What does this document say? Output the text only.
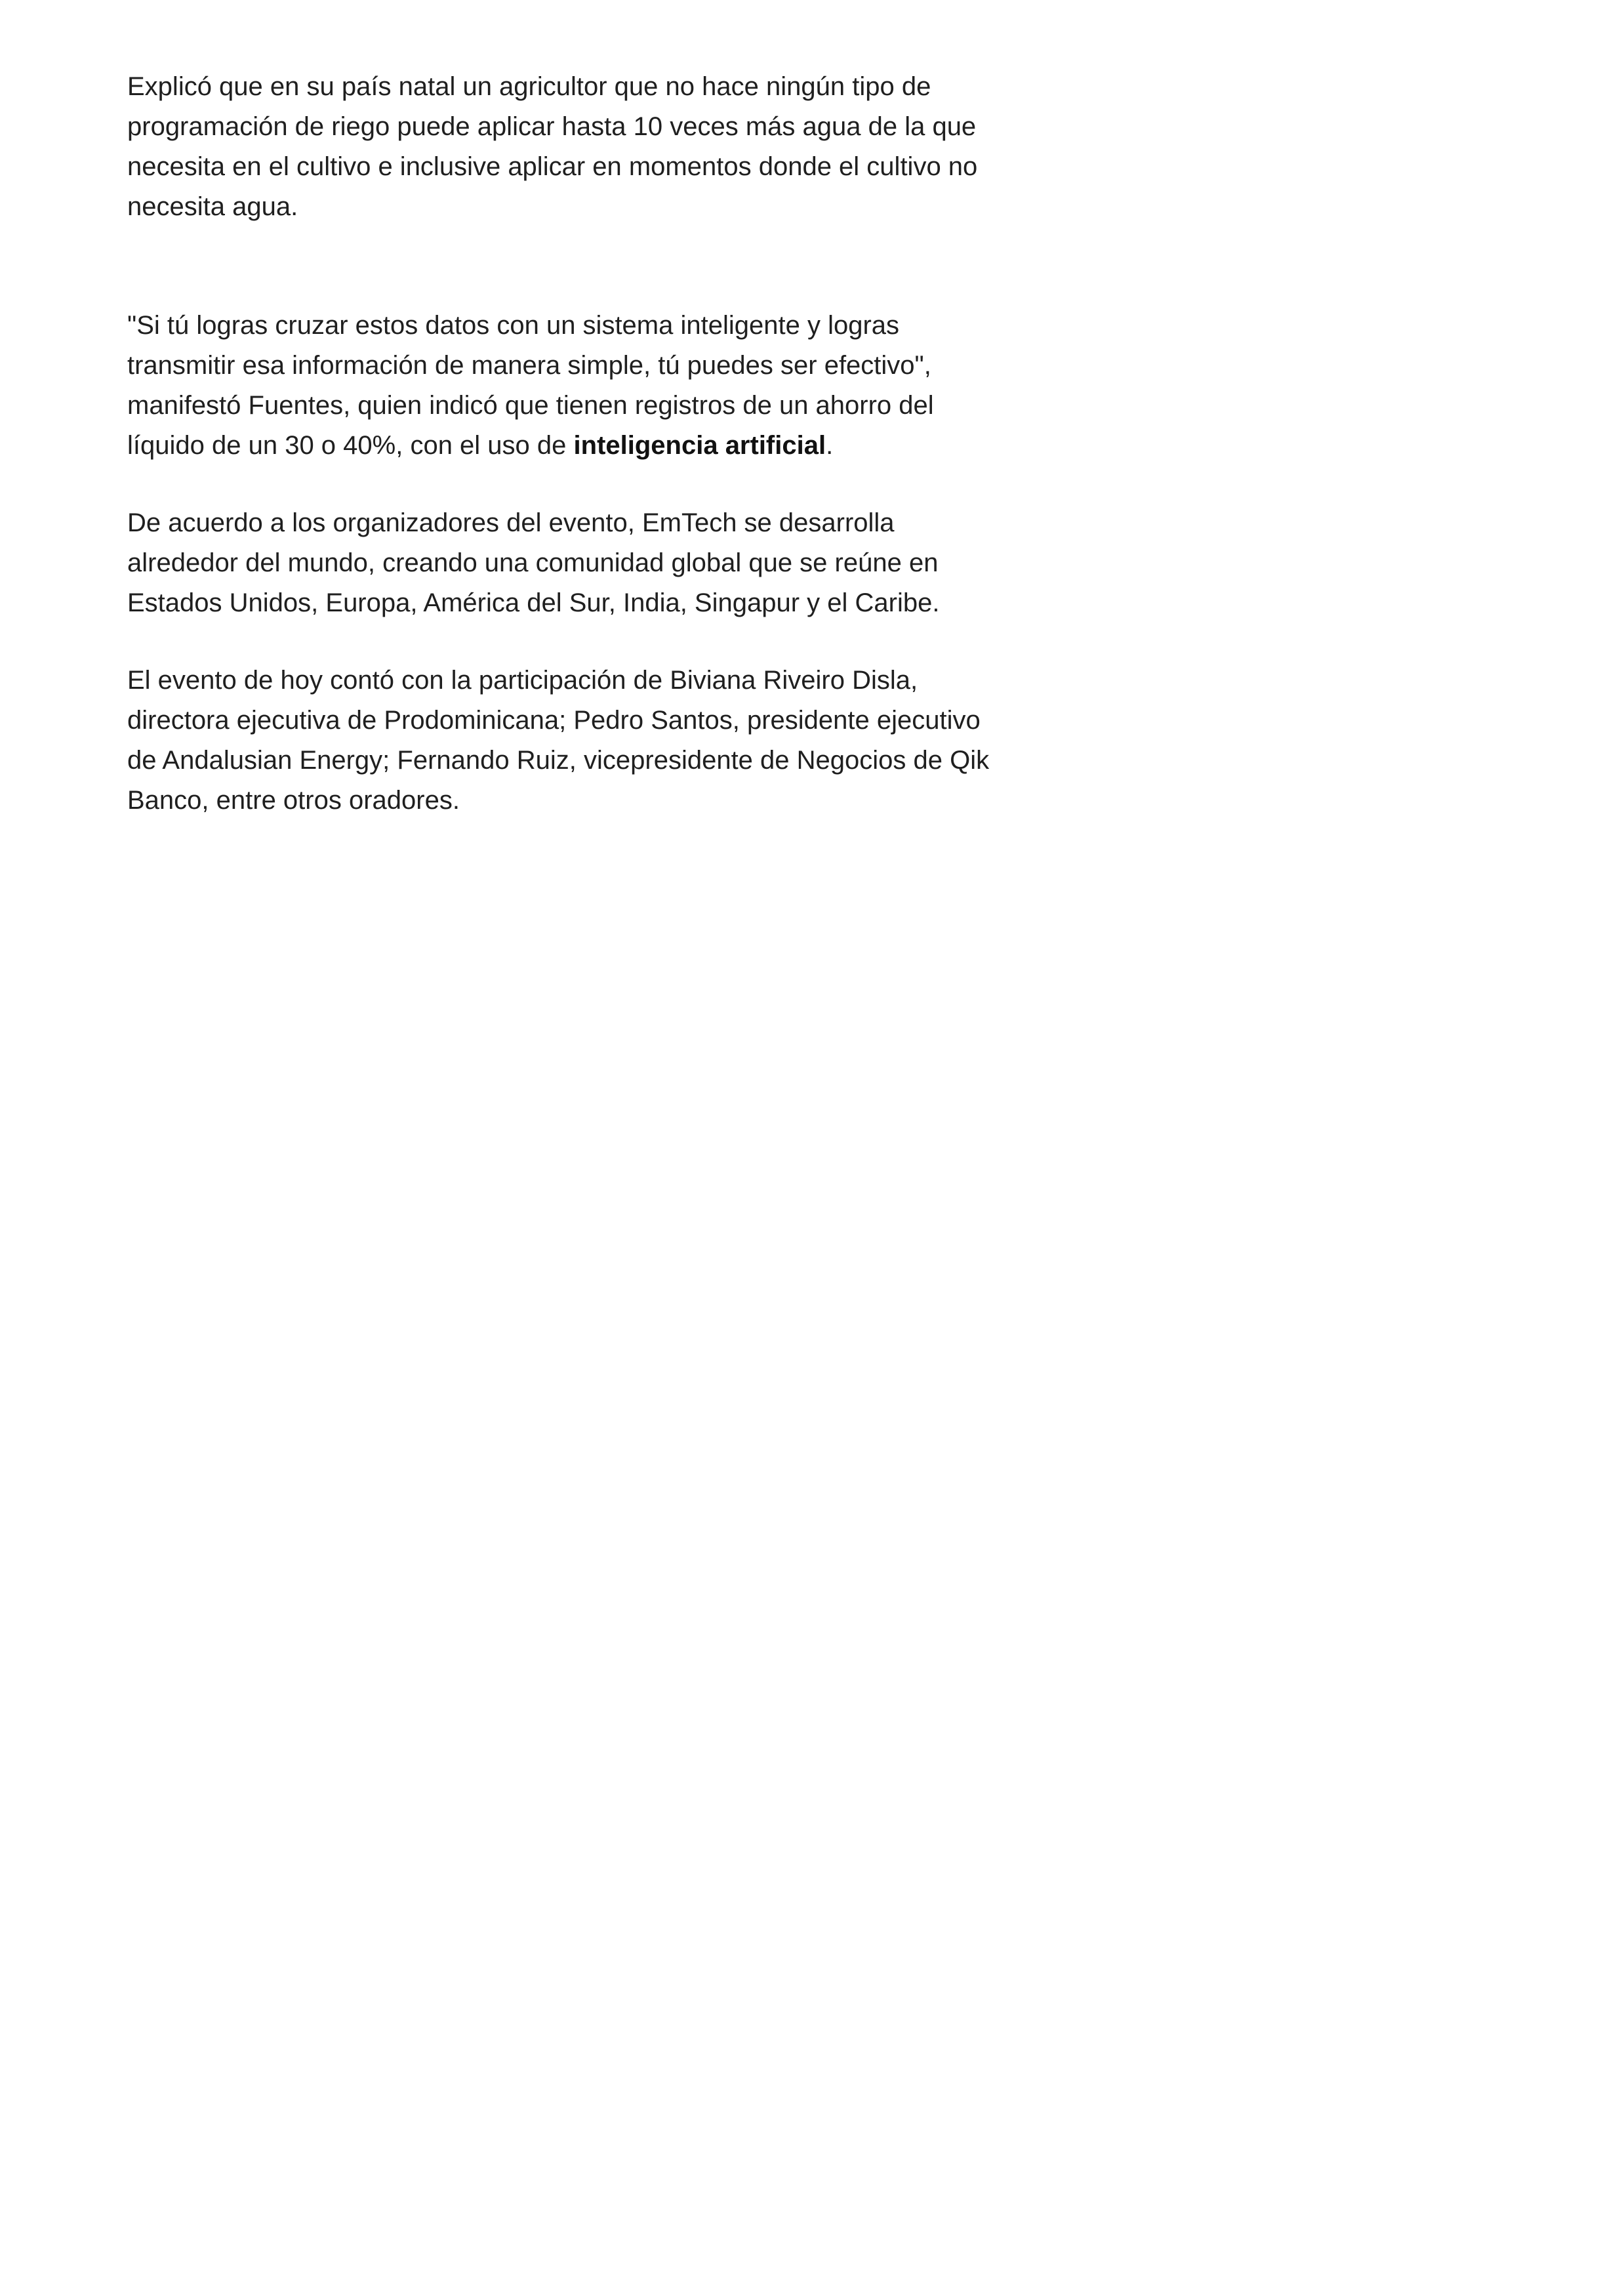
Explicó que en su país natal un agricultor que no hace ningún tipo de programación de riego puede aplicar hasta 10 veces más agua de la que necesita en el cultivo e inclusive aplicar en momentos donde el cultivo no necesita agua.

"Si tú logras cruzar estos datos con un sistema inteligente y logras transmitir esa información de manera simple, tú puedes ser efectivo", manifestó Fuentes, quien indicó que tienen registros de un ahorro del líquido de un 30 o 40%, con el uso de inteligencia artificial.

De acuerdo a los organizadores del evento, EmTech se desarrolla alrededor del mundo, creando una comunidad global que se reúne en Estados Unidos, Europa, América del Sur, India, Singapur y el Caribe.

El evento de hoy contó con la participación de Biviana Riveiro Disla, directora ejecutiva de Prodominicana; Pedro Santos, presidente ejecutivo de Andalusian Energy; Fernando Ruiz, vicepresidente de Negocios de Qik Banco, entre otros oradores.
